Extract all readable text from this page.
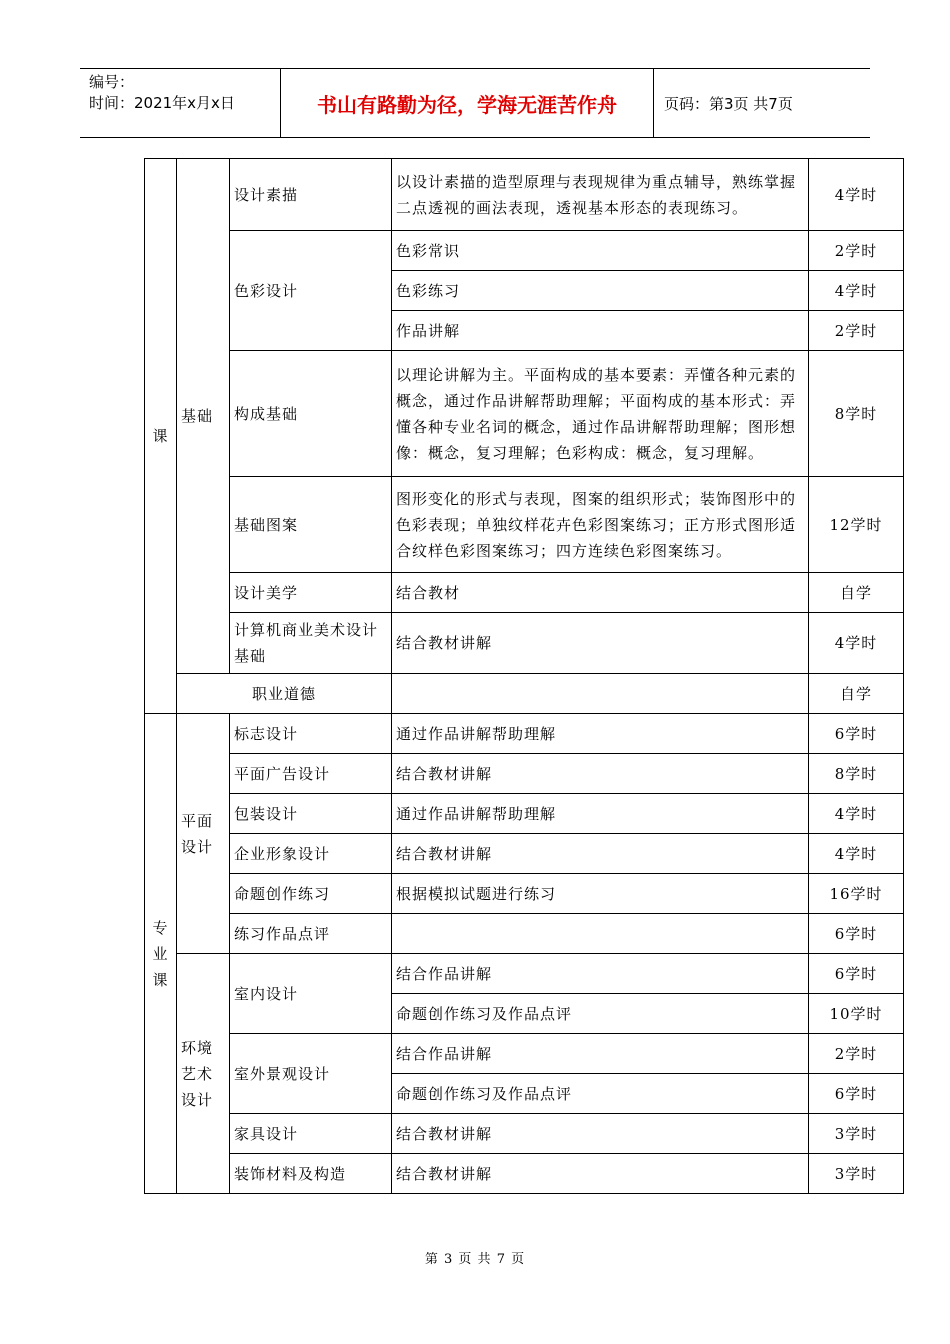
编号：
时间：2021年x月x日	书山有路勤为径，学海无涯苦作舟	页码：第3页 共7页
课	基础	设计素描	以设计素描的造型原理与表现规律为重点辅导，熟练掌握二点透视的画法表现，透视基本形态的表现练习。	4学时
		色彩设计	色彩常识	2学时
			色彩练习	4学时
			作品讲解	2学时
		构成基础	以理论讲解为主。平面构成的基本要素：弄懂各种元素的概念，通过作品讲解帮助理解；平面构成的基本形式：弄懂各种专业名词的概念，通过作品讲解帮助理解；图形想像：概念，复习理解；色彩构成：概念，复习理解。	8学时
		基础图案	图形变化的形式与表现，图案的组织形式；装饰图形中的色彩表现；单独纹样花卉色彩图案练习；正方形式图形适合纹样色彩图案练习；四方连续色彩图案练习。	12学时
		设计美学	结合教材	自学
		计算机商业美术设计基础	结合教材讲解	4学时
	职业道德			自学
专业课	平面设计	标志设计	通过作品讲解帮助理解	6学时
		平面广告设计	结合教材讲解	8学时
		包装设计	通过作品讲解帮助理解	4学时
		企业形象设计	结合教材讲解	4学时
		命题创作练习	根据模拟试题进行练习	16学时
		练习作品点评		6学时
	环境艺术设计	室内设计	结合作品讲解	6学时
			命题创作练习及作品点评	10学时
		室外景观设计	结合作品讲解	2学时
			命题创作练习及作品点评	6学时
		家具设计	结合教材讲解	3学时
		装饰材料及构造	结合教材讲解	3学时
第 3 页 共 7 页
